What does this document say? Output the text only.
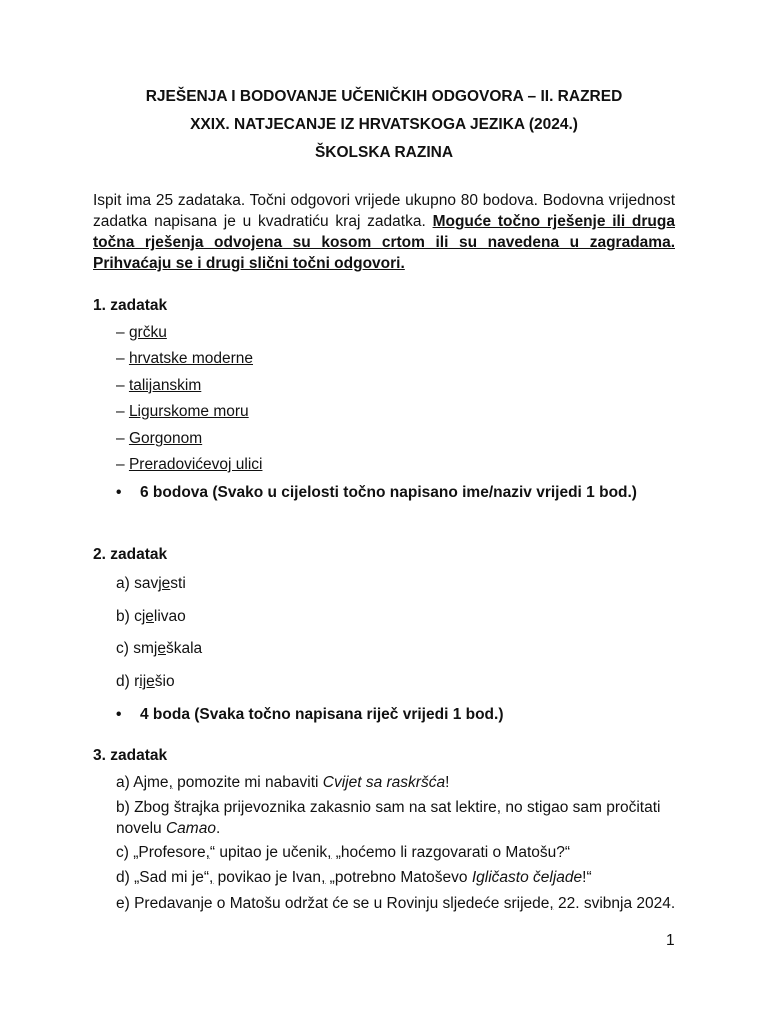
RJEŠENJA I BODOVANJE UČENIČKIH ODGOVORA – II. RAZRED
XXIX. NATJECANJE IZ HRVATSKOGA JEZIKA (2024.)
ŠKOLSKA RAZINA
Ispit ima 25 zadataka. Točni odgovori vrijede ukupno 80 bodova. Bodovna vrijednost zadatka napisana je u kvadratiću kraj zadatka. Moguće točno rješenje ili druga točna rješenja odvojena su kosom crtom ili su navedena u zagradama. Prihvaćaju se i drugi slični točni odgovori.
1. zadatak
– grčku
– hrvatske moderne
– talijanskim
– Ligurskome moru
– Gorgonom
– Preradovićevoj ulici
• 6 bodova (Svako u cijelosti točno napisano ime/naziv vrijedi 1 bod.)
2. zadatak
a) savjesti
b) cjelivao
c) smješkala
d) riješio
• 4 boda (Svaka točno napisana riječ vrijedi 1 bod.)
3. zadatak
a) Ajme, pomozite mi nabaviti Cvijet sa raskršća!
b) Zbog štrajka prijevoznika zakasnio sam na sat lektire, no stigao sam pročitati novelu Camao.
c) „Profesore,“ upitao je učenik, „hoćemo li razgovarati o Matošu?“
d) „Sad mi je“, povikao je Ivan, „potrebno Matoševo Igličasto čeljade!“
e) Predavanje o Matošu održat će se u Rovinju sljedeće srijede, 22. svibnja 2024.
1
